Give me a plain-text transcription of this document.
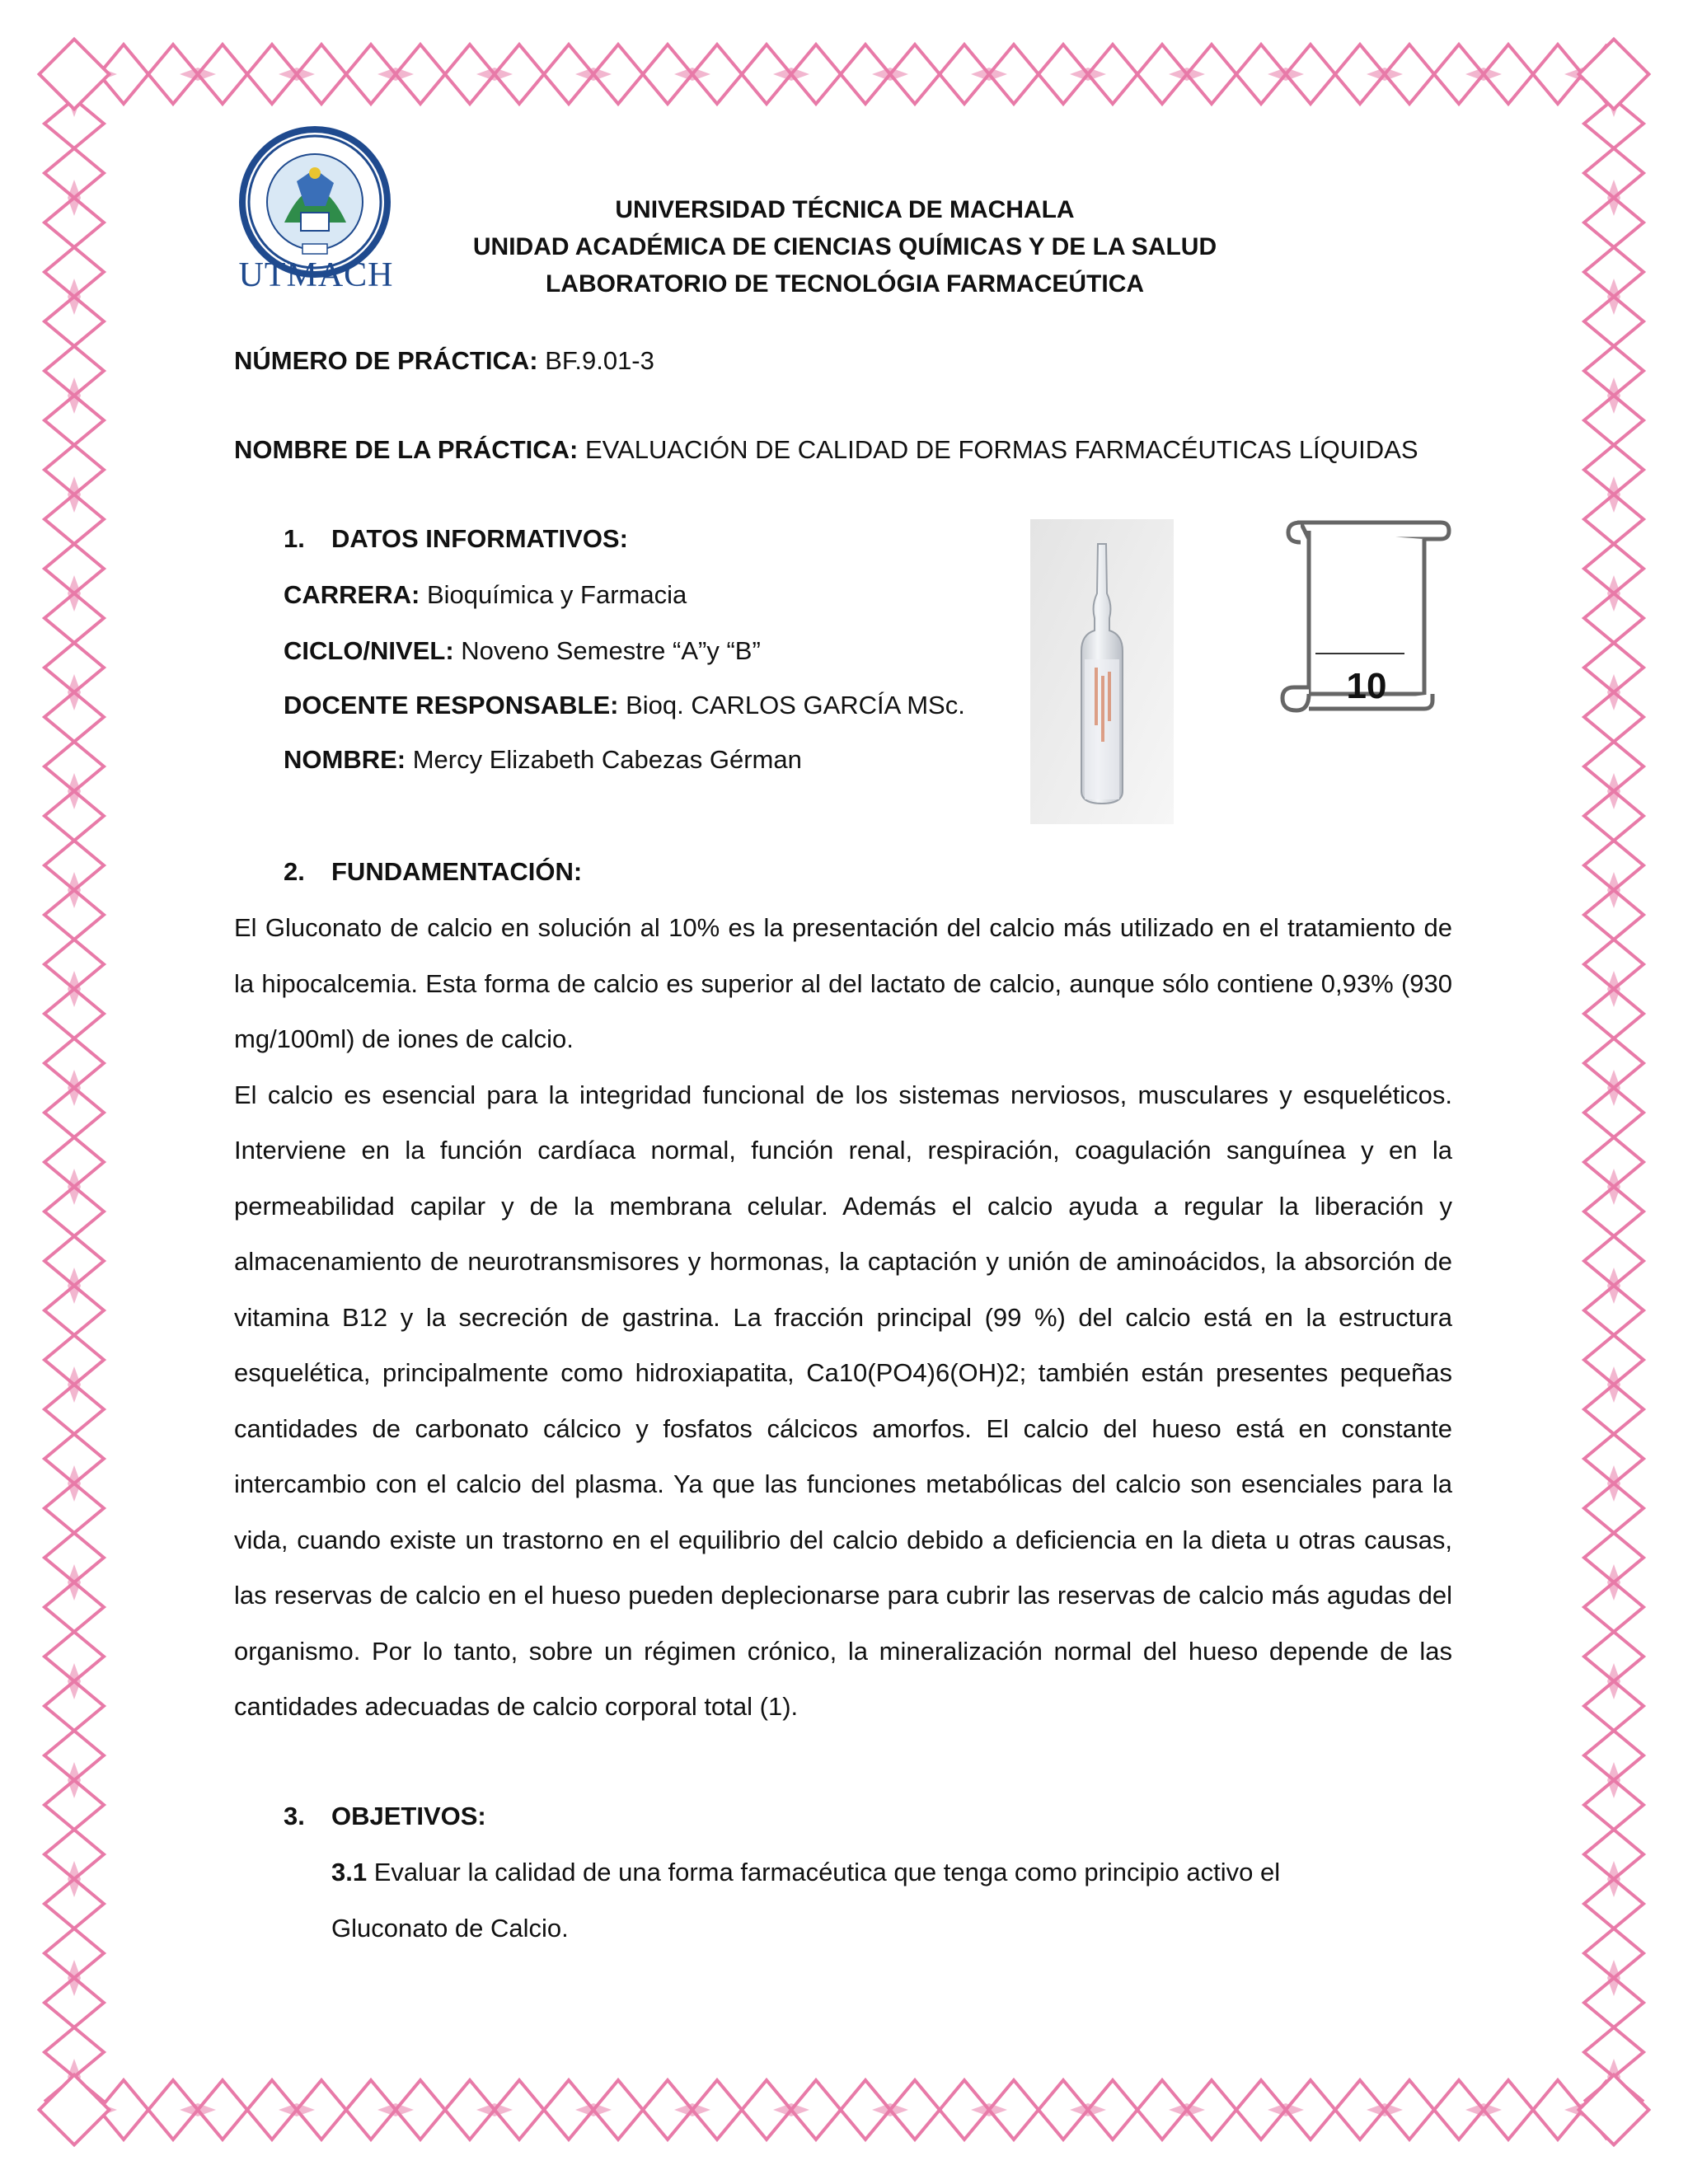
UTMACH
UNIVERSIDAD TÉCNICA DE MACHALA
UNIDAD ACADÉMICA DE CIENCIAS QUÍMICAS Y DE LA SALUD
LABORATORIO DE TECNOLÓGIA FARMACEÚTICA
NÚMERO DE PRÁCTICA: BF.9.01-3
NOMBRE DE LA PRÁCTICA: EVALUACIÓN DE CALIDAD DE FORMAS FARMACÉUTICAS LÍQUIDAS
1. DATOS INFORMATIVOS:
CARRERA: Bioquímica y Farmacia
CICLO/NIVEL: Noveno Semestre “A”y “B”
DOCENTE RESPONSABLE: Bioq. CARLOS GARCÍA MSc.
NOMBRE: Mercy Elizabeth Cabezas Gérman
10
2. FUNDAMENTACIÓN:

El Gluconato de calcio en solución al 10% es la presentación del calcio más utilizado en el tratamiento de la hipocalcemia. Esta forma de calcio es superior al del lactato de calcio, aunque sólo contiene 0,93% (930 mg/100ml) de iones de calcio.

El calcio es esencial para la integridad funcional de los sistemas nerviosos, musculares y esqueléticos. Interviene en la función cardíaca normal, función renal, respiración, coagulación sanguínea y en la permeabilidad capilar y de la membrana celular. Además el calcio ayuda a regular la liberación y almacenamiento de neurotransmisores y hormonas, la captación y unión de aminoácidos, la absorción de vitamina B12 y la secreción de gastrina. La fracción principal (99 %) del calcio está en la estructura esquelética, principalmente como hidroxiapatita, Ca10(PO4)6(OH)2; también están presentes pequeñas cantidades de carbonato cálcico y fosfatos cálcicos amorfos. El calcio del hueso está en constante intercambio con el calcio del plasma. Ya que las funciones metabólicas del calcio son esenciales para la vida, cuando existe un trastorno en el equilibrio del calcio debido a deficiencia en la dieta u otras causas, las reservas de calcio en el hueso pueden deplecionarse para cubrir las reservas de calcio más agudas del organismo. Por lo tanto, sobre un régimen crónico, la mineralización normal del hueso depende de las cantidades adecuadas de calcio corporal total (1).

3. OBJETIVOS:
3.1 Evaluar la calidad de una forma farmacéutica que tenga como principio activo el
Gluconato de Calcio.
